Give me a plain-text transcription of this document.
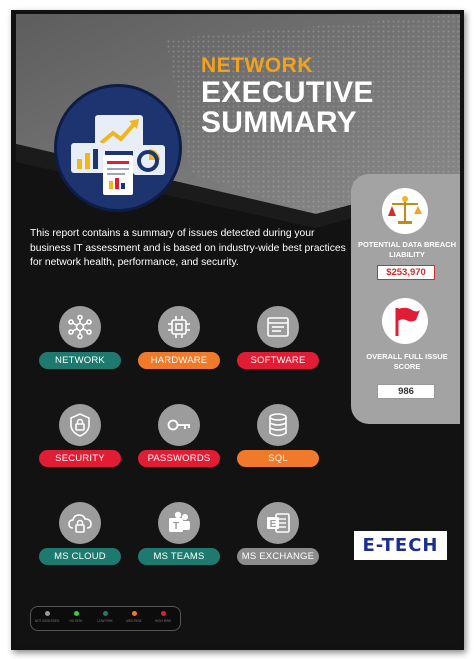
NETWORK
EXECUTIVE
SUMMARY
This report contains a summary of issues detected during your business IT assessment and is based on industry-wide best practices for network health, performance, and security.
POTENTIAL DATA BREACH LIABILITY
$253,970
OVERALL FULL ISSUE SCORE
986
NETWORK	HARDWARE	SOFTWARE
SECURITY	PASSWORDS	SQL
MS CLOUD
T
MS TEAMS
E
MS EXCHANGE
E-TECH
NOT ASSESSED	NO RISK	LOW RISK	MED RISK	HIGH RISK
